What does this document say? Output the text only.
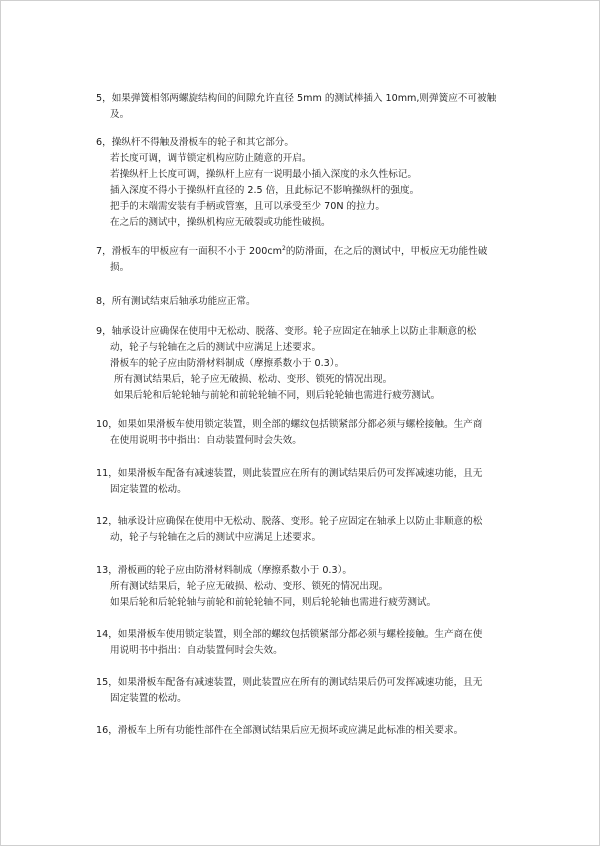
5，如果弹簧相邻两螺旋结构间的间隙允许直径 5mm 的测试棒插入 10mm,则弹簧应不可被触
及。
6，操纵杆不得触及滑板车的轮子和其它部分。
若长度可调，调节锁定机构应防止随意的开启。
若操纵杆上长度可调，操纵杆上应有一说明最小插入深度的永久性标记。
插入深度不得小于操纵杆直径的 2.5 倍，且此标记不影响操纵杆的强度。
把手的末端需安装有手柄或管塞，且可以承受至少 70N 的拉力。
在之后的测试中，操纵机构应无破裂或功能性破损。
7，滑板车的甲板应有一面积不小于 $200cm^2$的防滑面，在之后的测试中，甲板应无功能性破
损。
8，所有测试结束后轴承功能应正常。
9，轴承设计应确保在使用中无松动、脱落、变形。轮子应固定在轴承上以防止非顺意的松
动，轮子与轮轴在之后的测试中应满足上述要求。
滑板车的轮子应由防滑材料制成（摩擦系数小于 0.3）。
所有测试结果后，轮子应无破损、松动、变形、锁死的情况出现。
如果后轮和后轮轮轴与前轮和前轮轮轴不同，则后轮轮轴也需进行疲劳测试。
10，如果如果滑板车使用锁定装置，则全部的螺纹包括锁紧部分都必须与螺栓接触。生产商
在使用说明书中指出：自动装置何时会失效。
11，如果滑板车配备有减速装置，则此装置应在所有的测试结果后仍可发挥减速功能，且无
固定装置的松动。
12，轴承设计应确保在使用中无松动、脱落、变形。轮子应固定在轴承上以防止非顺意的松
动，轮子与轮轴在之后的测试中应满足上述要求。
13，滑板画的轮子应由防滑材料制成（摩擦系数小于 0.3）。
所有测试结果后，轮子应无破损、松动、变形、锁死的情况出现。
如果后轮和后轮轮轴与前轮和前轮轮轴不同，则后轮轮轴也需进行疲劳测试。
14，如果滑板车使用锁定装置，则全部的螺纹包括锁紧部分都必须与螺栓接触。生产商在使
用说明书中指出：自动装置何时会失效。
15，如果滑板车配备有减速装置，则此装置应在所有的测试结果后仍可发挥减速功能，且无
固定装置的松动。
16，滑板车上所有功能性部件在全部测试结果后应无损坏或应满足此标准的相关要求。
